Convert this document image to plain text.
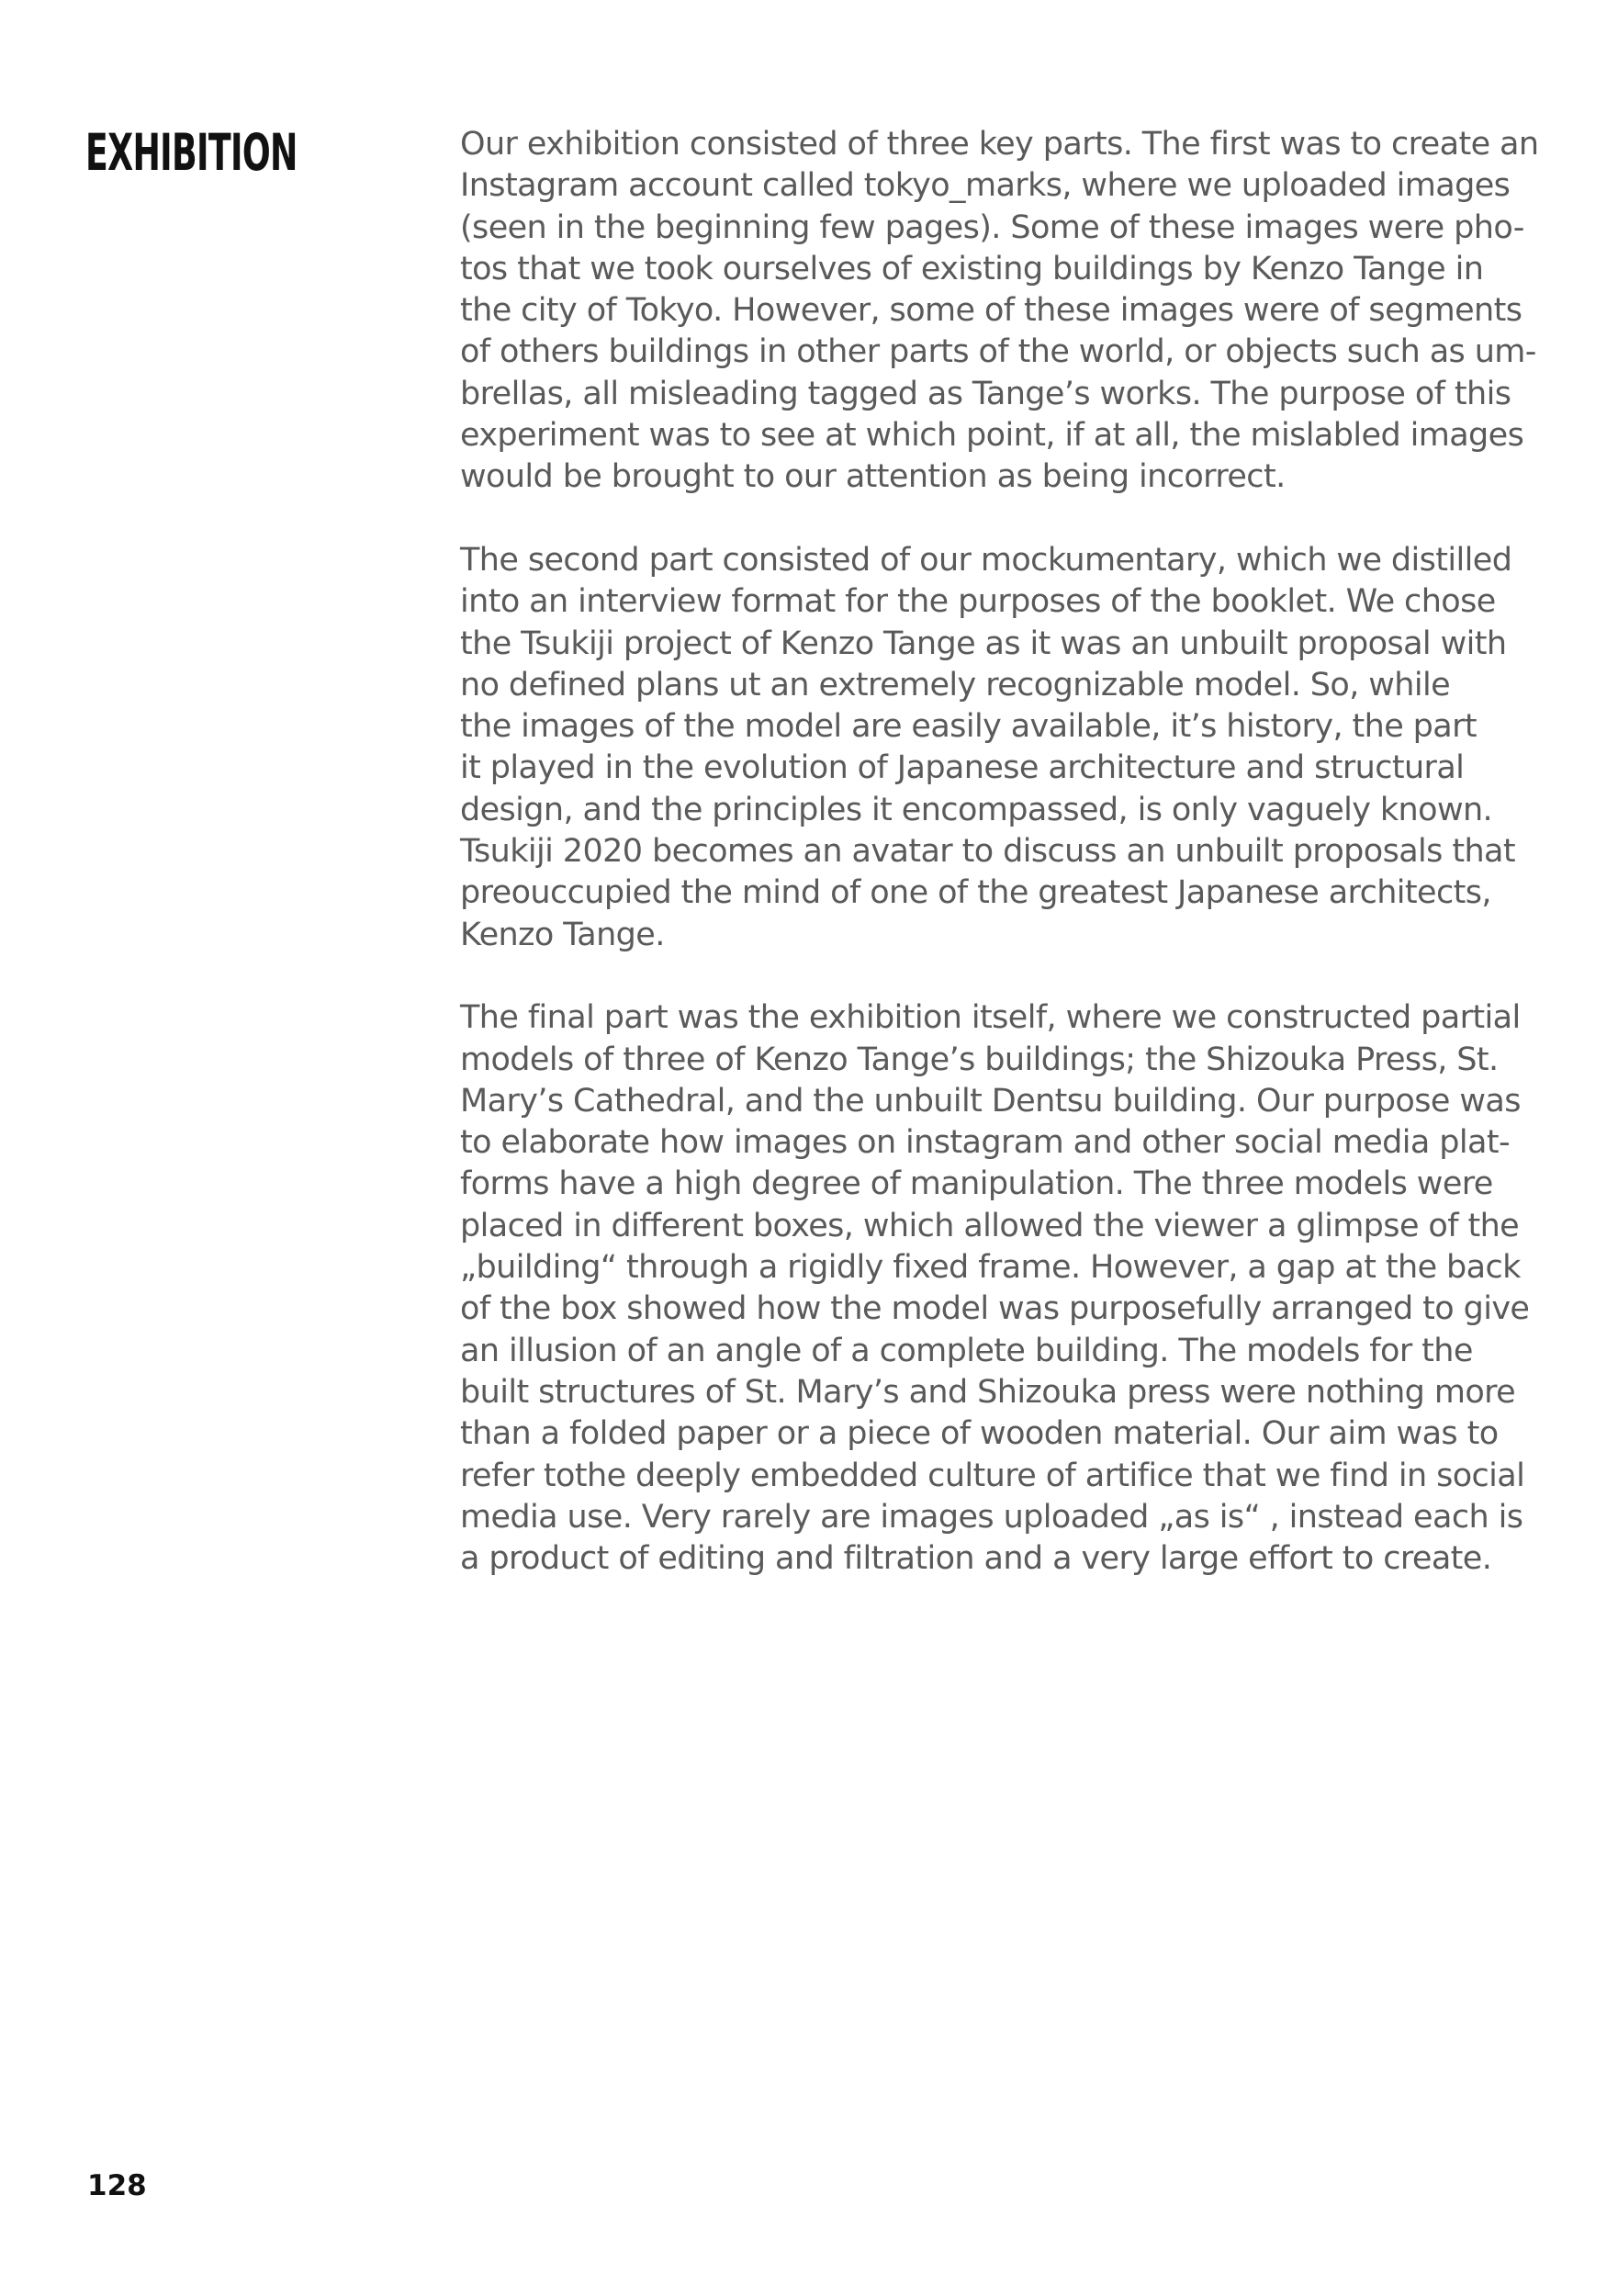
EXHIBITION	Our exhibition consisted of three key parts. The first was to create an
Instagram account called tokyo_marks, where we uploaded images
(seen in the beginning few pages). Some of these images were pho-
tos that we took ourselves of existing buildings by Kenzo Tange in
the city of Tokyo. However, some of these images were of segments
of others buildings in other parts of the world, or objects such as um-
brellas, all misleading tagged as Tange’s works. The purpose of this
experiment was to see at which point, if at all, the mislabled images
would be brought to our attention as being incorrect.

The second part consisted of our mockumentary, which we distilled
into an interview format for the purposes of the booklet. We chose
the Tsukiji project of Kenzo Tange as it was an unbuilt proposal with
no defined plans ut an extremely recognizable model. So, while
the images of the model are easily available, it’s history, the part
it played in the evolution of Japanese architecture and structural
design, and the principles it encompassed, is only vaguely known.
Tsukiji 2020 becomes an avatar to discuss an unbuilt proposals that
preouccupied the mind of one of the greatest Japanese architects,
Kenzo Tange.

The final part was the exhibition itself, where we constructed partial
models of three of Kenzo Tange’s buildings; the Shizouka Press, St.
Mary’s Cathedral, and the unbuilt Dentsu building. Our purpose was
to elaborate how images on instagram and other social media plat-
forms have a high degree of manipulation. The three models were
placed in different boxes, which allowed the viewer a glimpse of the
„building“ through a rigidly fixed frame. However, a gap at the back
of the box showed how the model was purposefully arranged to give
an illusion of an angle of a complete building. The models for the
built structures of St. Mary’s and Shizouka press were nothing more
than a folded paper or a piece of wooden material. Our aim was to
refer tothe deeply embedded culture of artifice that we find in social
media use. Very rarely are images uploaded „as is“ , instead each is
a product of editing and filtration and a very large effort to create.

128
